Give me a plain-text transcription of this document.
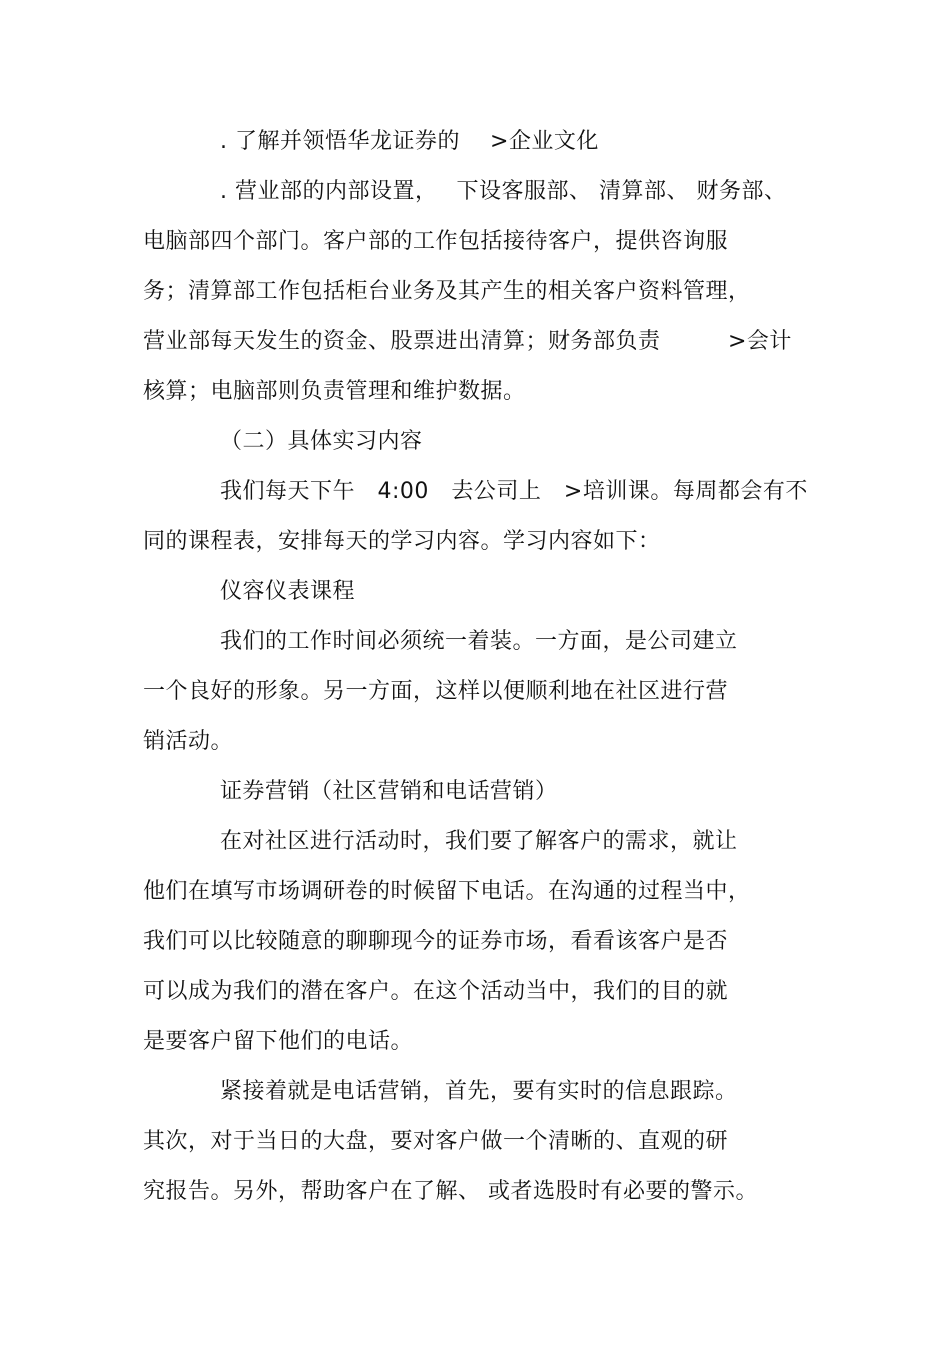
. 了解并领悟华龙证券的　 >企业文化
. 营业部的内部设置，　 下设客服部、 清算部、 财务部、
电脑部四个部门。客户部的工作包括接待客户，提供咨询服
务；清算部工作包括柜台业务及其产生的相关客户资料管理，
营业部每天发生的资金、股票进出清算；财务部负责　　　>会计
核算；电脑部则负责管理和维护数据。
（二）具体实习内容
我们每天下午　4:00　去公司上　>培训课。每周都会有不
同的课程表，安排每天的学习内容。学习内容如下：
仪容仪表课程
我们的工作时间必须统一着装。一方面，是公司建立
一个良好的形象。另一方面，这样以便顺利地在社区进行营
销活动。
证券营销（社区营销和电话营销）
在对社区进行活动时，我们要了解客户的需求，就让
他们在填写市场调研卷的时候留下电话。在沟通的过程当中，
我们可以比较随意的聊聊现今的证券市场，看看该客户是否
可以成为我们的潜在客户。在这个活动当中，我们的目的就
是要客户留下他们的电话。
紧接着就是电话营销，首先，要有实时的信息跟踪。
其次，对于当日的大盘，要对客户做一个清晰的、直观的研
究报告。另外，帮助客户在了解、 或者选股时有必要的警示。
